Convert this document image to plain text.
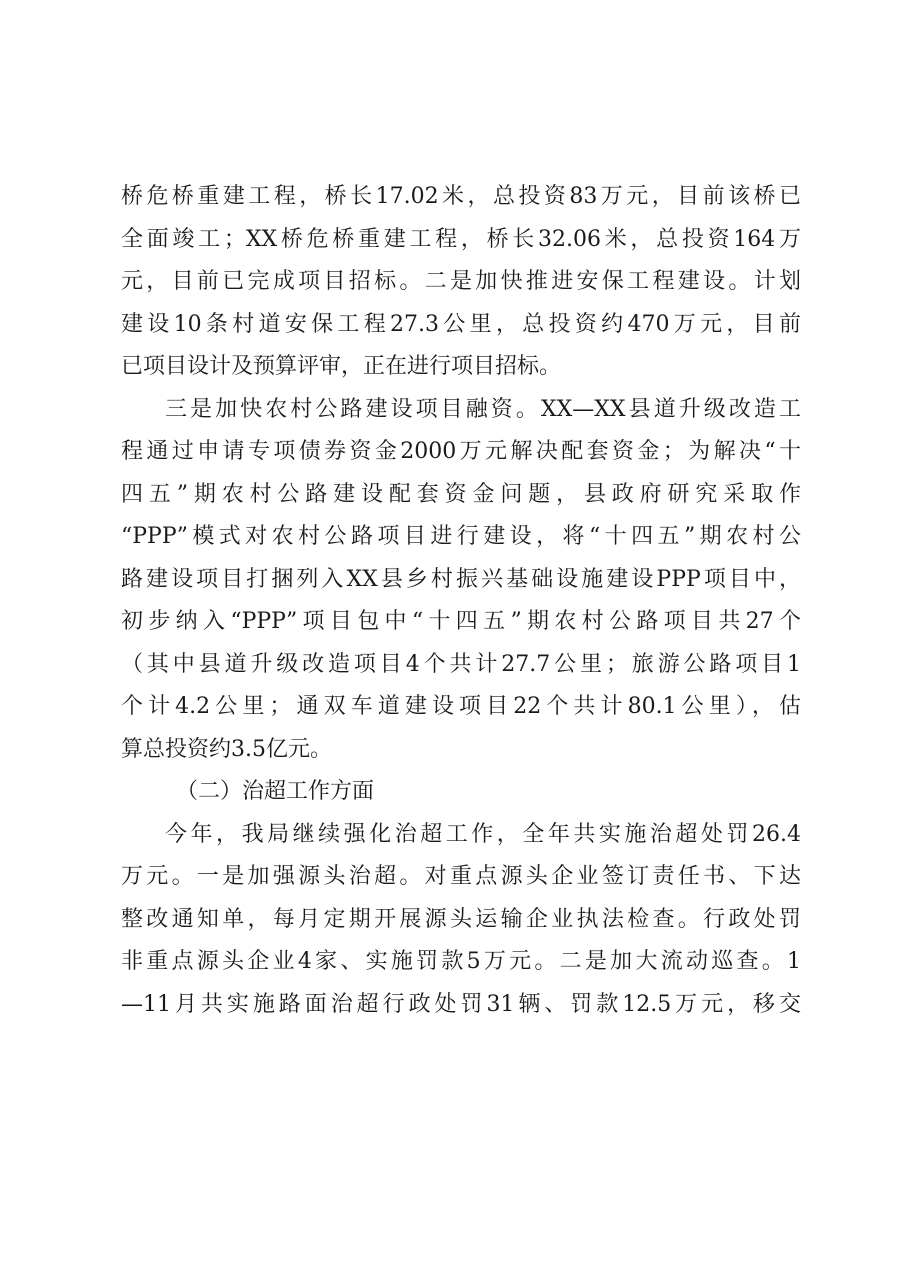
桥危桥重建工程，桥长17.02米，总投资83万元，目前该桥已
全面竣工；XX桥危桥重建工程，桥长32.06米，总投资164万
元，目前已完成项目招标。二是加快推进安保工程建设。计划
建设10条村道安保工程27.3公里，总投资约470万元，目前
已项目设计及预算评审，正在进行项目招标。
三是加快农村公路建设项目融资。XX—XX县道升级改造工
程通过申请专项债券资金2000万元解决配套资金；为解决“十
四五”期农村公路建设配套资金问题，县政府研究采取作
“PPP”模式对农村公路项目进行建设，将“十四五”期农村公
路建设项目打捆列入XX县乡村振兴基础设施建设PPP项目中，
初步纳入“PPP”项目包中“十四五”期农村公路项目共27个
（其中县道升级改造项目4个共计27.7公里；旅游公路项目1
个计4.2公里；通双车道建设项目22个共计80.1公里），估
算总投资约3.5亿元。
（二）治超工作方面
今年，我局继续强化治超工作，全年共实施治超处罚26.4
万元。一是加强源头治超。对重点源头企业签订责任书、下达
整改通知单，每月定期开展源头运输企业执法检查。行政处罚
非重点源头企业4家、实施罚款5万元。二是加大流动巡查。1
—11月共实施路面治超行政处罚31辆、罚款12.5万元，移交
